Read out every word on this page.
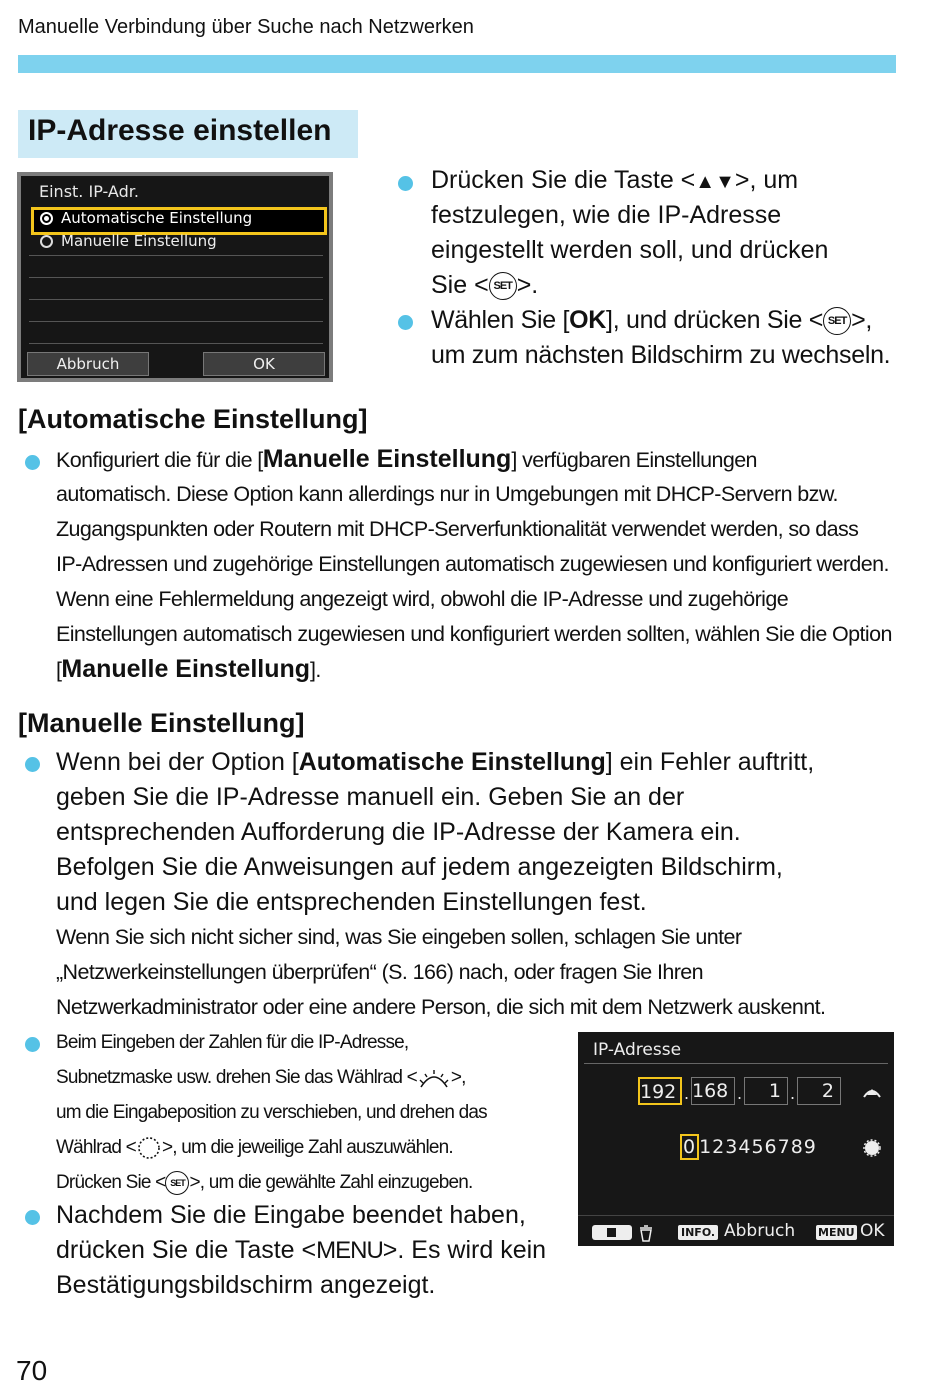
Manuelle Verbindung über Suche nach Netzwerken
IP-Adresse einstellen
Einst. IP-Adr.
Automatische Einstellung
Manuelle Einstellung
Abbruch	OK
Drücken Sie die Taste <▲▼>, um
festzulegen, wie die IP-Adresse
eingestellt werden soll, und drücken
Sie < SET >.
Wählen Sie [OK], und drücken Sie < SET >,
um zum nächsten Bildschirm zu wechseln.
[Automatische Einstellung]
Konfiguriert die für die [Manuelle Einstellung] verfügbaren Einstellungen
automatisch. Diese Option kann allerdings nur in Umgebungen mit DHCP-Servern bzw.
Zugangspunkten oder Routern mit DHCP-Serverfunktionalität verwendet werden, so dass
IP-Adressen und zugehörige Einstellungen automatisch zugewiesen und konfiguriert werden.
Wenn eine Fehlermeldung angezeigt wird, obwohl die IP-Adresse und zugehörige
Einstellungen automatisch zugewiesen und konfiguriert werden sollten, wählen Sie die Option
[Manuelle Einstellung].
[Manuelle Einstellung]
Wenn bei der Option [Automatische Einstellung] ein Fehler auftritt,
geben Sie die IP-Adresse manuell ein. Geben Sie an der
entsprechenden Aufforderung die IP-Adresse der Kamera ein.
Befolgen Sie die Anweisungen auf jedem angezeigten Bildschirm,
und legen Sie die entsprechenden Einstellungen fest.
Wenn Sie sich nicht sicher sind, was Sie eingeben sollen, schlagen Sie unter
„Netzwerkeinstellungen überprüfen“ (S. 166) nach, oder fragen Sie Ihren
Netzwerkadministrator oder eine andere Person, die sich mit dem Netzwerk auskennt.
Beim Eingeben der Zahlen für die IP-Adresse,
Subnetzmaske usw. drehen Sie das Wählrad < >,
um die Eingabeposition zu verschieben, und drehen das
Wählrad < >, um die jeweilige Zahl auszuwählen.
Drücken Sie < SET >, um die gewählte Zahl einzugeben.
Nachdem Sie die Eingabe beendet haben,
drücken Sie die Taste <MENU>. Es wird kein
Bestätigungsbildschirm angezeigt.
IP-Adresse
192 . 168 .	1 .	2
0 123456789
INFO. Abbruch MENU OK
70
